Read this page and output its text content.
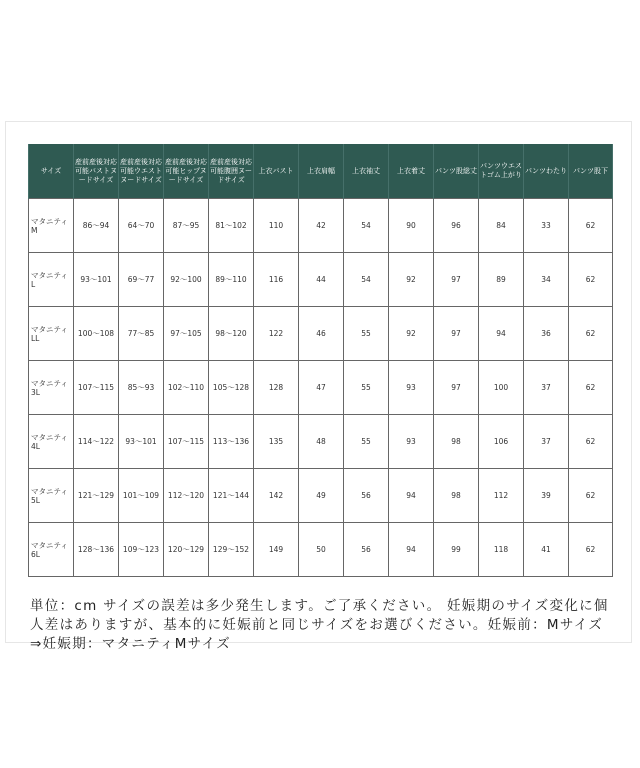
サイズ	産前産後対応可能バストヌードサイズ	産前産後対応可能ウエストヌードサイズ	産前産後対応可能ヒップヌードサイズ	産前産後対応可能腹囲ヌードサイズ	上衣バスト	上衣肩幅	上衣袖丈	上衣着丈	パンツ股総丈	パンツウエストゴム上がり	パンツわたり	パンツ股下
マタニティM	86～94	64～70	87～95	81～102	110	42	54	90	96	84	33	62
マタニティL	93～101	69～77	92～100	89～110	116	44	54	92	97	89	34	62
マタニティLL	100～108	77～85	97～105	98～120	122	46	55	92	97	94	36	62
マタニティ3L	107～115	85～93	102～110	105～128	128	47	55	93	97	100	37	62
マタニティ4L	114～122	93～101	107～115	113～136	135	48	55	93	98	106	37	62
マタニティ5L	121～129	101～109	112～120	121～144	142	49	56	94	98	112	39	62
マタニティ6L	128～136	109～123	120～129	129～152	149	50	56	94	99	118	41	62
単位：cm サイズの誤差は多少発生します。ご了承ください。 妊娠期のサイズ変化に個人差はありますが、基本的に妊娠前と同じサイズをお選びください。妊娠前：Mサイズ⇒妊娠期：マタニティMサイズ
